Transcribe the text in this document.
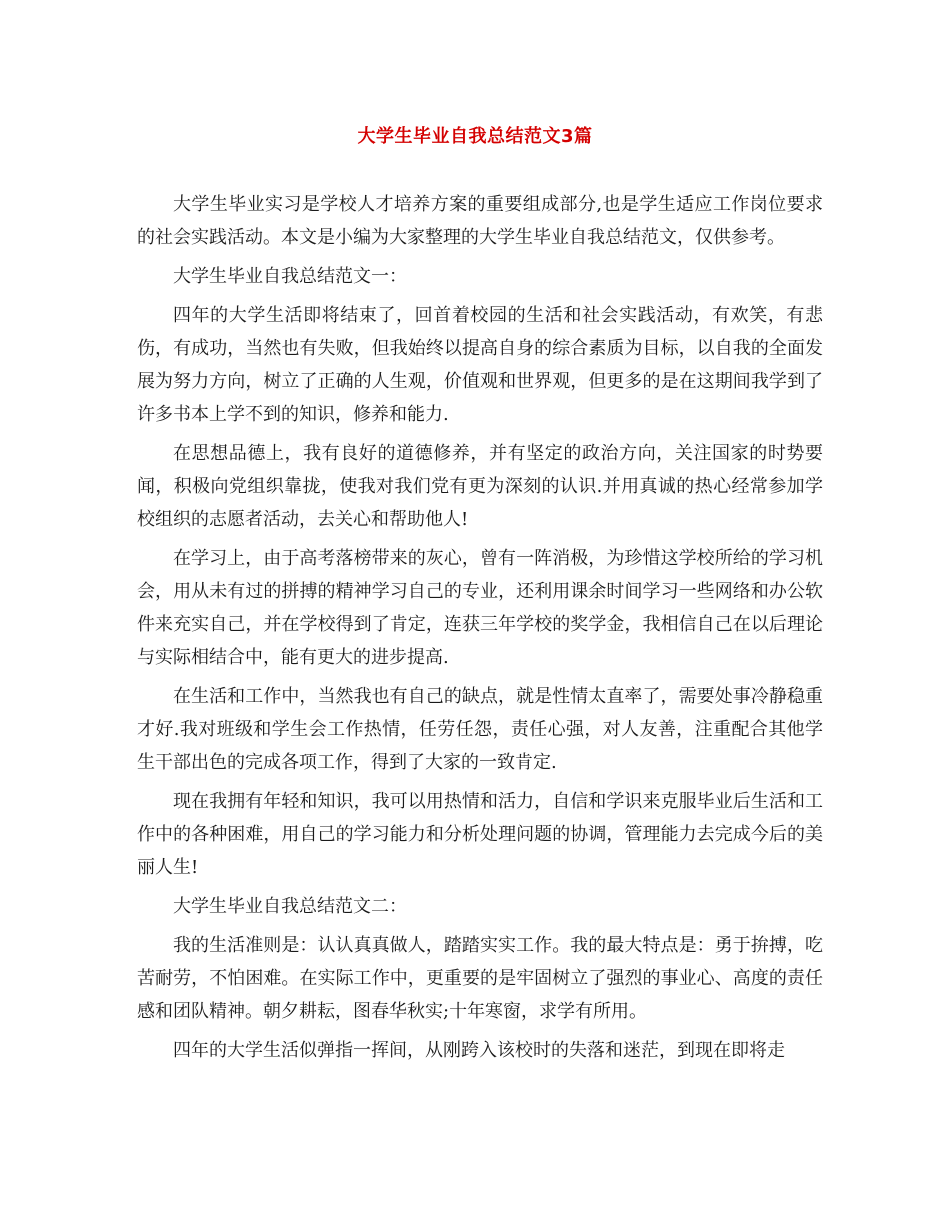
大学生毕业自我总结范文3篇

大学生毕业实习是学校人才培养方案的重要组成部分,也是学生适应工作岗位要求的社会实践活动。本文是小编为大家整理的大学生毕业自我总结范文，仅供参考。

大学生毕业自我总结范文一：

四年的大学生活即将结束了，回首着校园的生活和社会实践活动，有欢笑，有悲伤，有成功，当然也有失败，但我始终以提高自身的综合素质为目标，以自我的全面发展为努力方向，树立了正确的人生观，价值观和世界观，但更多的是在这期间我学到了许多书本上学不到的知识，修养和能力.

在思想品德上，我有良好的道德修养，并有坚定的政治方向，关注国家的时势要闻，积极向党组织靠拢，使我对我们党有更为深刻的认识.并用真诚的热心经常参加学校组织的志愿者活动，去关心和帮助他人!

在学习上，由于高考落榜带来的灰心，曾有一阵消极，为珍惜这学校所给的学习机会，用从未有过的拼搏的精神学习自己的专业，还利用课余时间学习一些网络和办公软件来充实自己，并在学校得到了肯定，连获三年学校的奖学金，我相信自己在以后理论与实际相结合中，能有更大的进步提高.

在生活和工作中，当然我也有自己的缺点，就是性情太直率了，需要处事冷静稳重才好.我对班级和学生会工作热情，任劳任怨，责任心强，对人友善，注重配合其他学生干部出色的完成各项工作，得到了大家的一致肯定.

现在我拥有年轻和知识，我可以用热情和活力，自信和学识来克服毕业后生活和工作中的各种困难，用自己的学习能力和分析处理问题的协调，管理能力去完成今后的美丽人生!

大学生毕业自我总结范文二：

我的生活准则是：认认真真做人，踏踏实实工作。我的最大特点是：勇于拚搏，吃苦耐劳，不怕困难。在实际工作中，更重要的是牢固树立了强烈的事业心、高度的责任感和团队精神。朝夕耕耘，图春华秋实;十年寒窗，求学有所用。

四年的大学生活似弹指一挥间，从刚跨入该校时的失落和迷茫，到现在即将走
